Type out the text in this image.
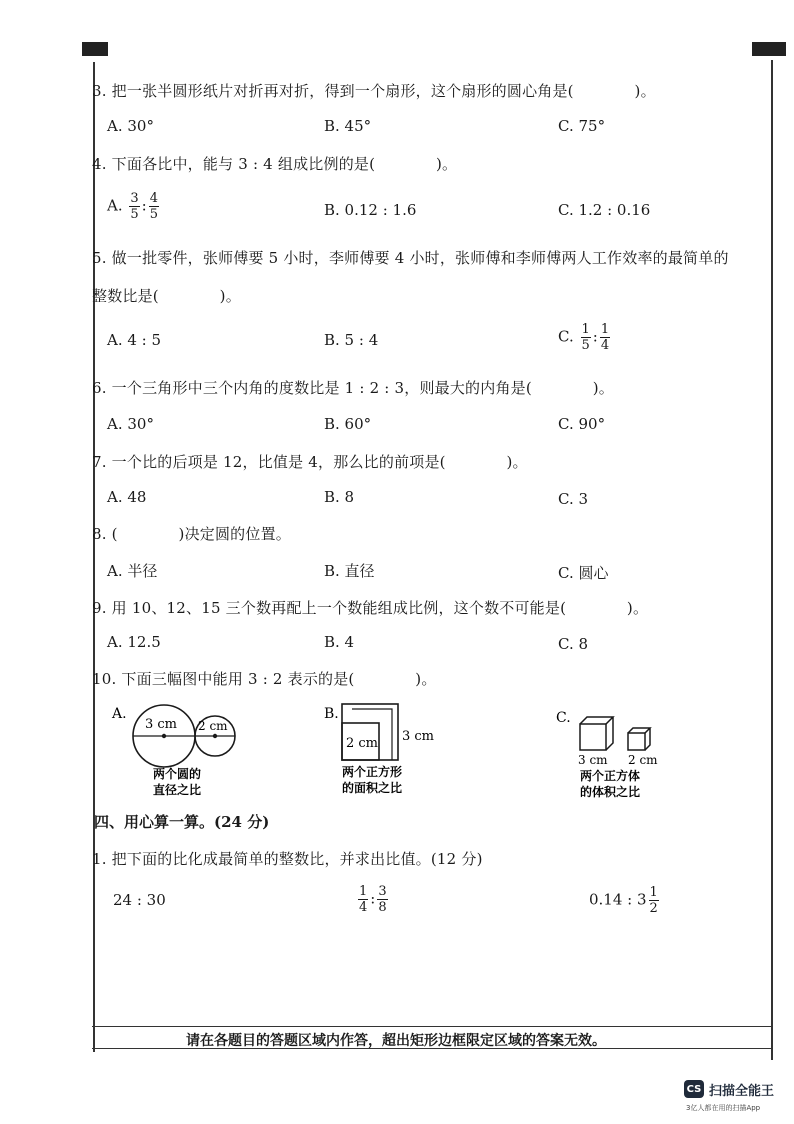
3. 把一张半圆形纸片对折再对折，得到一个扇形，这个扇形的圆心角是(　　　　)。
A. 30°	B. 45°	C. 75°
4. 下面各比中，能与 3 : 4 组成比例的是(　　　　)。
A. $\frac{3}{5}$ : $\frac{4}{5}$	B. 0.12 : 1.6	C. 1.2 : 0.16
5. 做一批零件，张师傅要 5 小时，李师傅要 4 小时，张师傅和李师傅两人工作效率的最简单的
整数比是(　　　　)。
A. 4 : 5	B. 5 : 4	C. $\frac{1}{5}$ : $\frac{1}{4}$
6. 一个三角形中三个内角的度数比是 1 : 2 : 3，则最大的内角是(　　　　)。
A. 30°	B. 60°	C. 90°
7. 一个比的后项是 12，比值是 4，那么比的前项是(　　　　)。
A. 48	B. 8	C. 3
8. (　　　　)决定圆的位置。
A. 半径	B. 直径	C. 圆心
9. 用 10、12、15 三个数再配上一个数能组成比例，这个数不可能是(　　　　)。
A. 12.5	B. 4	C. 8
10. 下面三幅图中能用 3 : 2 表示的是(　　　　)。
A.
3 cm 2 cm
两个圆的
直径之比
B.
2 cm 3 cm
两个正方形
的面积之比
C.
3 cm 2 cm
两个正方体
的体积之比
四、用心算一算。(24 分)
1. 把下面的比化成最简单的整数比，并求出比值。(12 分)
24 : 30	$\frac{1}{4}$ : $\frac{3}{8}$	0.14 : $3 \frac{1}{2}$
请在各题目的答题区域内作答，超出矩形边框限定区域的答案无效。
CS 扫描全能王
3亿人都在用的扫描App
